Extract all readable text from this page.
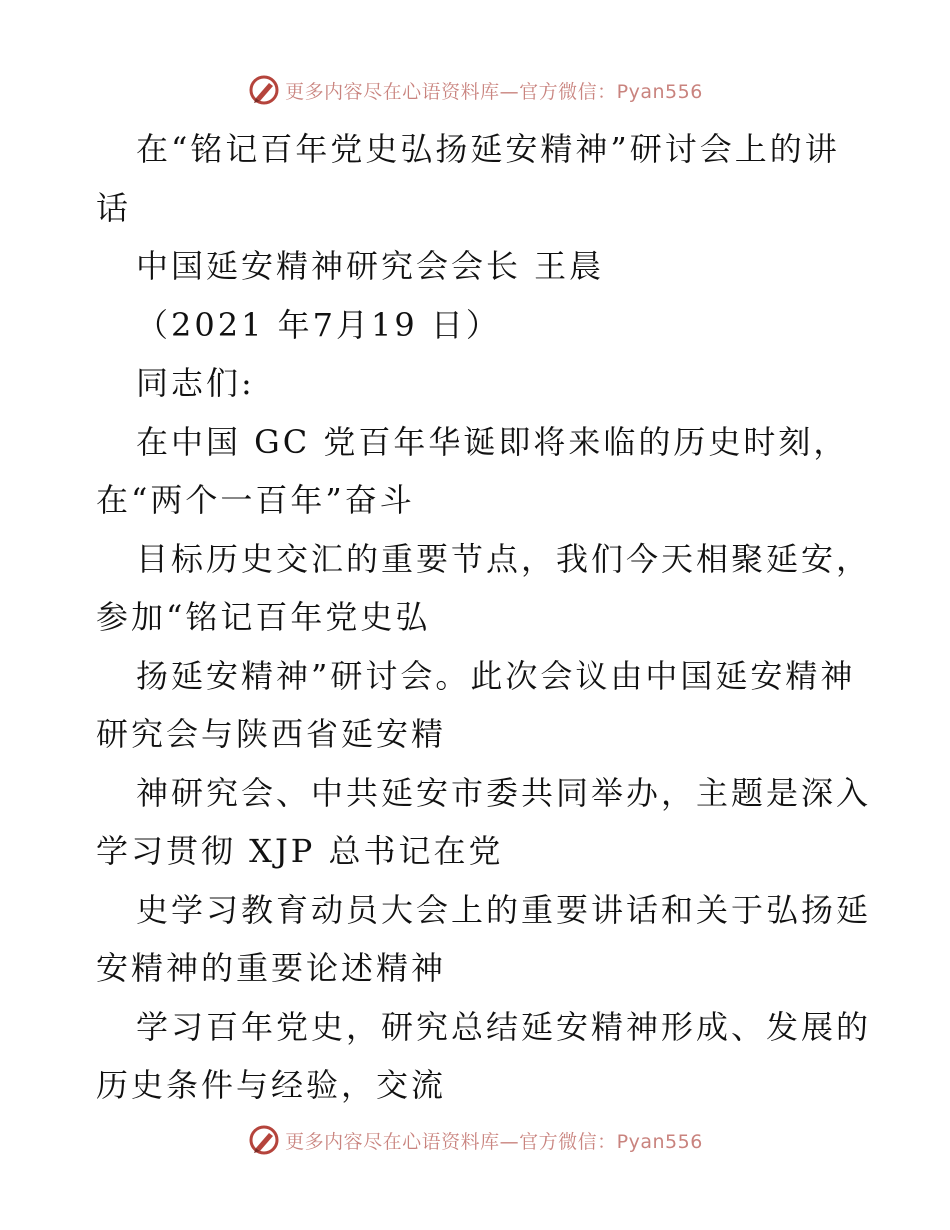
更多内容尽在心语资料库—官方微信：Pyan556
在“铭记百年党史弘扬延安精神”研讨会上的讲
话
中国延安精神研究会会长 王晨
（2021 年7月19 日）
同志们:
在中国 GC 党百年华诞即将来临的历史时刻，
在“两个一百年”奋斗
目标历史交汇的重要节点，我们今天相聚延安，
参加“铭记百年党史弘
扬延安精神”研讨会。此次会议由中国延安精神
研究会与陕西省延安精
神研究会、中共延安市委共同举办，主题是深入
学习贯彻 XJP 总书记在党
史学习教育动员大会上的重要讲话和关于弘扬延
安精神的重要论述精神
学习百年党史，研究总结延安精神形成、发展的
历史条件与经验，交流
更多内容尽在心语资料库—官方微信：Pyan556
